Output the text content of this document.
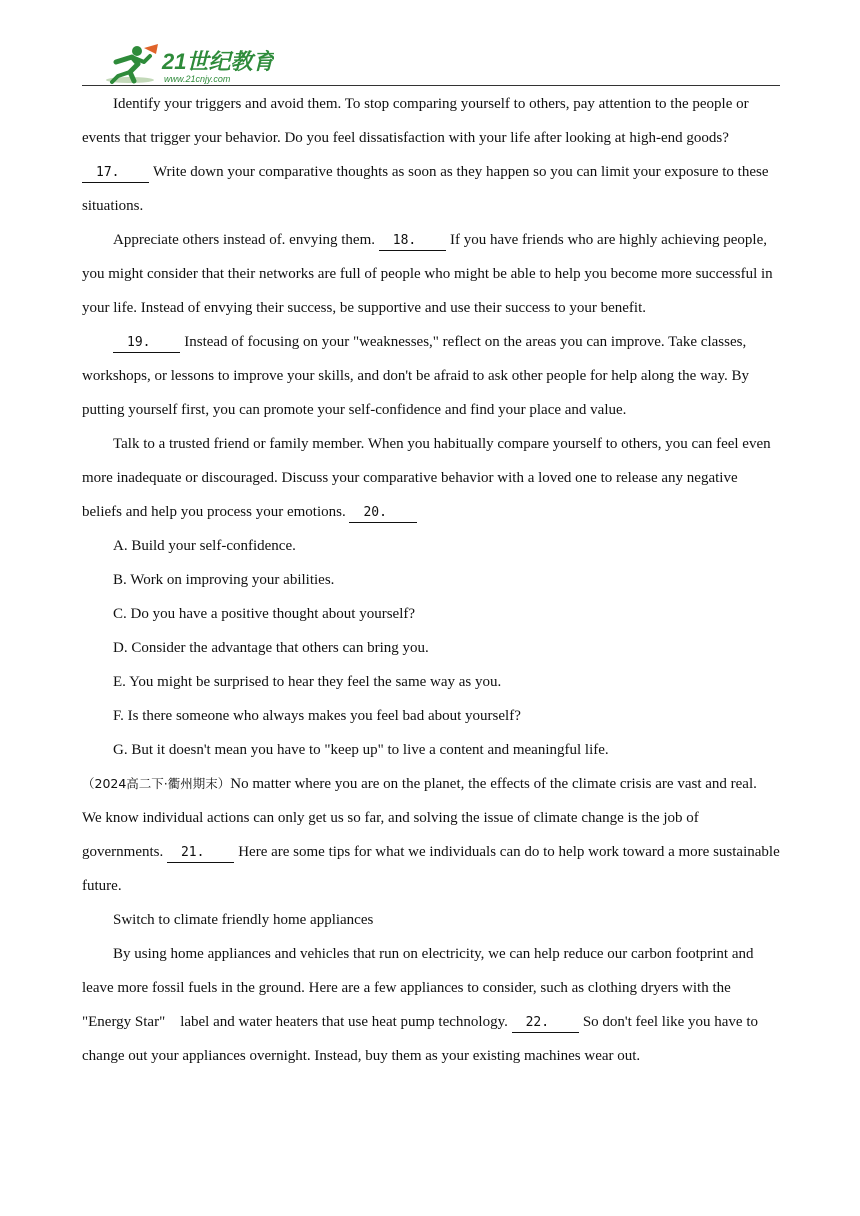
21世纪教育
www.21cnjy.com

Identify your triggers and avoid them. To stop comparing yourself to others, pay attention to the people or events that trigger your behavior. Do you feel dissatisfaction with your life after looking at high-end goods? 17. Write down your comparative thoughts as soon as they happen so you can limit your exposure to these situations.

Appreciate others instead of. envying them. 18. If you have friends who are highly achieving people, you might consider that their networks are full of people who might be able to help you become more successful in your life. Instead of envying their success, be supportive and use their success to your benefit.

19. Instead of focusing on your "weaknesses," reflect on the areas you can improve. Take classes, workshops, or lessons to improve your skills, and don't be afraid to ask other people for help along the way. By putting yourself first, you can promote your self-confidence and find your place and value.

Talk to a trusted friend or family member. When you habitually compare yourself to others, you can feel even more inadequate or discouraged. Discuss your comparative behavior with a loved one to release any negative beliefs and help you process your emotions. 20.

A. Build your self-confidence.

B. Work on improving your abilities.

C. Do you have a positive thought about yourself?

D. Consider the advantage that others can bring you.

E. You might be surprised to hear they feel the same way as you.

F. Is there someone who always makes you feel bad about yourself?

G. But it doesn't mean you have to "keep up" to live a content and meaningful life.

（2024高二下·衢州期末）No matter where you are on the planet, the effects of the climate crisis are vast and real.     We know individual actions can only get us so far, and solving the issue of climate change is the job of governments. 21. Here are some tips for what we individuals can do to help work toward a more sustainable future.

Switch to climate friendly home appliances

By using home appliances and vehicles that run on electricity, we can help reduce our carbon footprint and leave more fossil fuels in the ground. Here are a few appliances to consider, such as clothing dryers with the    "Energy Star"    label and water heaters that use heat pump technology. 22. So don't feel like you have to change out your appliances overnight. Instead, buy them as your existing machines wear out.
